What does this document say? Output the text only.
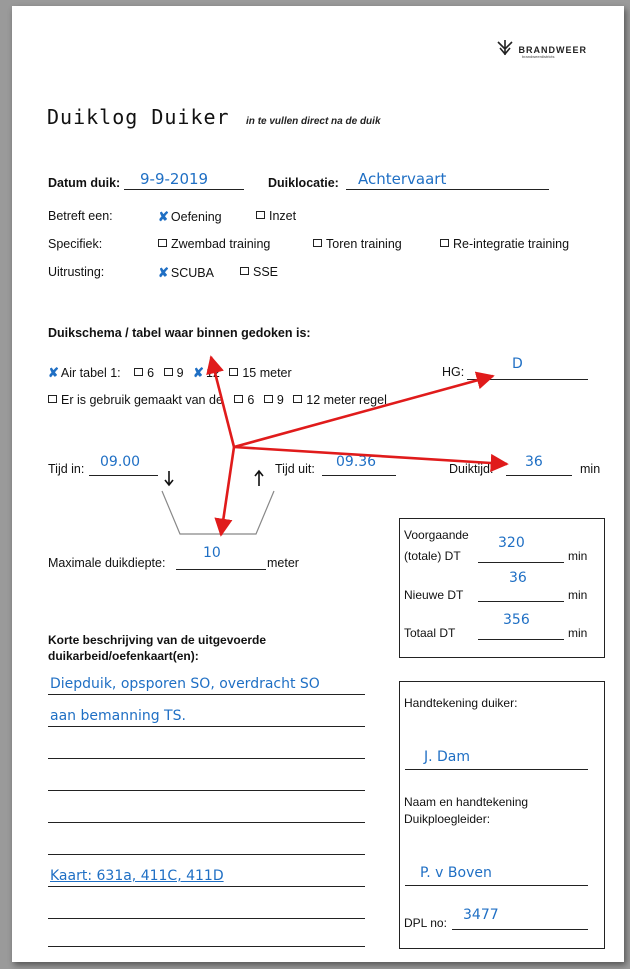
BRANDWEER
brandweerdistricts
Duiklog Duiker in te vullen direct na de duik
Datum duik: 9-9-2019	Duiklocatie: Achtervaart
Betreft een:	✘ Oefening	Inzet
Specifiek:	Zwembad training	Toren training	Re-integratie training
Uitrusting:	✘ SCUBA	SSE
Duikschema / tabel waar binnen gedoken is:
✘ Air tabel 1: 6 9 ✘ 12 15 meter	HG:	D
Er is gebruik gemaakt van de 6 9 12 meter regel
Tijd in: 09.00	Tijd uit: 09.36	Duiktijd: 36	min
Maximale duikdiepte:
10
meter
Voorgaande
(totale) DT
320
min
Nieuwe DT
36
min
Totaal DT
356
min
Korte beschrijving van de uitgevoerde
duikarbeid/oefenkaart(en):
Diepduik, opsporen SO, overdracht SO
aan bemanning TS.
Kaart: 631a, 411C, 411D
Handtekening duiker:
J. Dam
Naam en handtekening
Duikploegleider:
P. v Boven
DPL no: 3477
